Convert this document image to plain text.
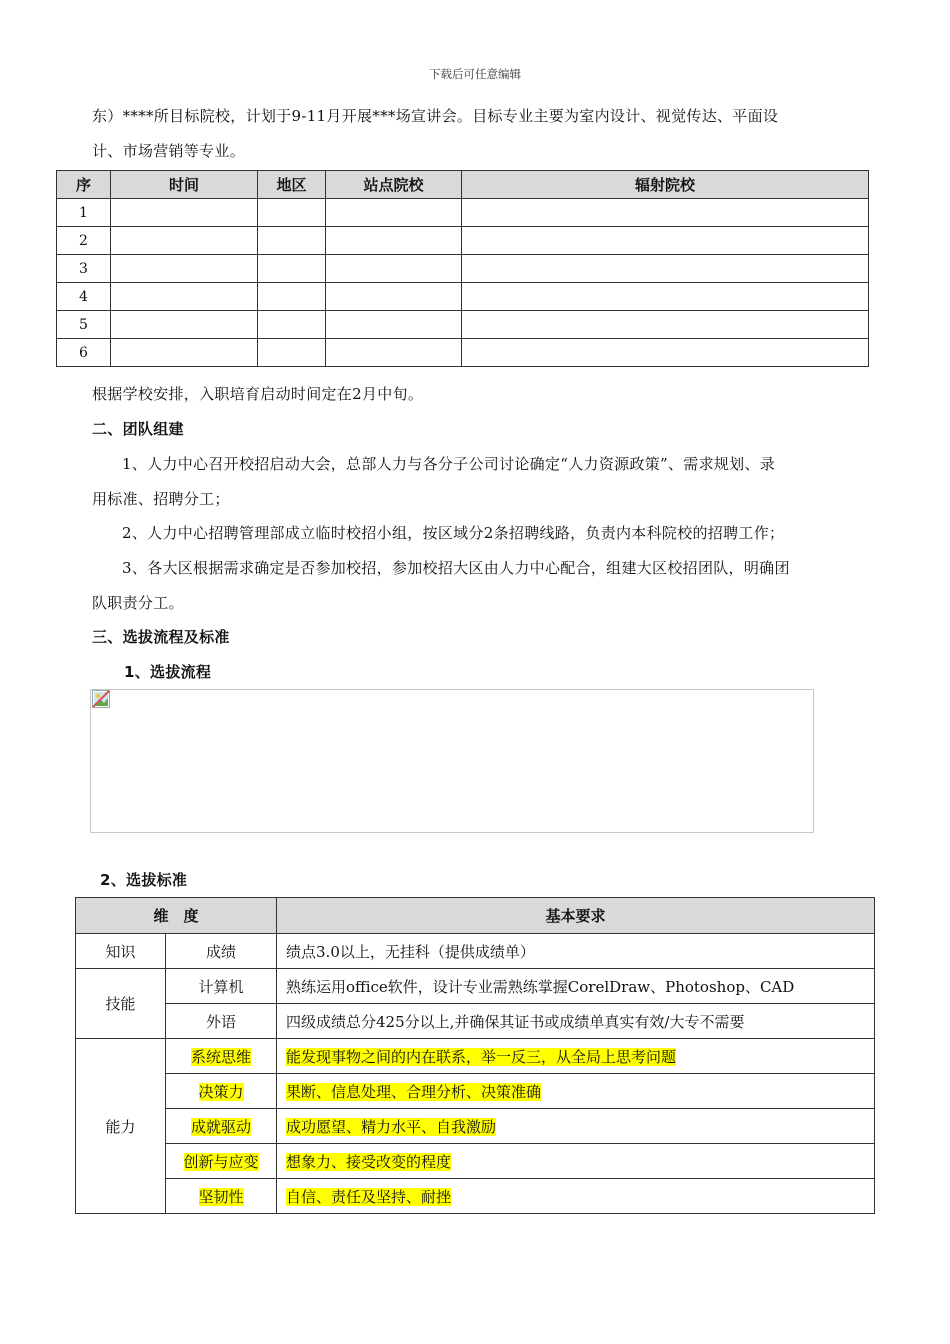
下载后可任意编辑
东）****所目标院校，计划于9-11月开展***场宣讲会。目标专业主要为室内设计、视觉传达、平面设
计、市场营销等专业。
序	时间	地区	站点院校	辐射院校
1				
2				
3				
4				
5				
6				
根据学校安排，入职培育启动时间定在2月中旬。
二、团队组建
1、人力中心召开校招启动大会，总部人力与各分子公司讨论确定“人力资源政策”、需求规划、录
用标准、招聘分工；
2、人力中心招聘管理部成立临时校招小组，按区域分2条招聘线路，负责内本科院校的招聘工作；
3、各大区根据需求确定是否参加校招，参加校招大区由人力中心配合，组建大区校招团队，明确团
队职责分工。
三、选拔流程及标准
1、选拔流程
2、选拔标准
维　度		基本要求
知识	成绩	绩点3.0以上，无挂科（提供成绩单）
技能	计算机	熟练运用office软件，设计专业需熟练掌握CorelDraw、Photoshop、CAD
	外语	四级成绩总分425分以上,并确保其证书或成绩单真实有效/大专不需要
能力	系统思维	能发现事物之间的内在联系，举一反三，从全局上思考问题
	决策力	果断、信息处理、合理分析、决策准确
	成就驱动	成功愿望、精力水平、自我激励
	创新与应变	想象力、接受改变的程度
	坚韧性	自信、责任及坚持、耐挫
